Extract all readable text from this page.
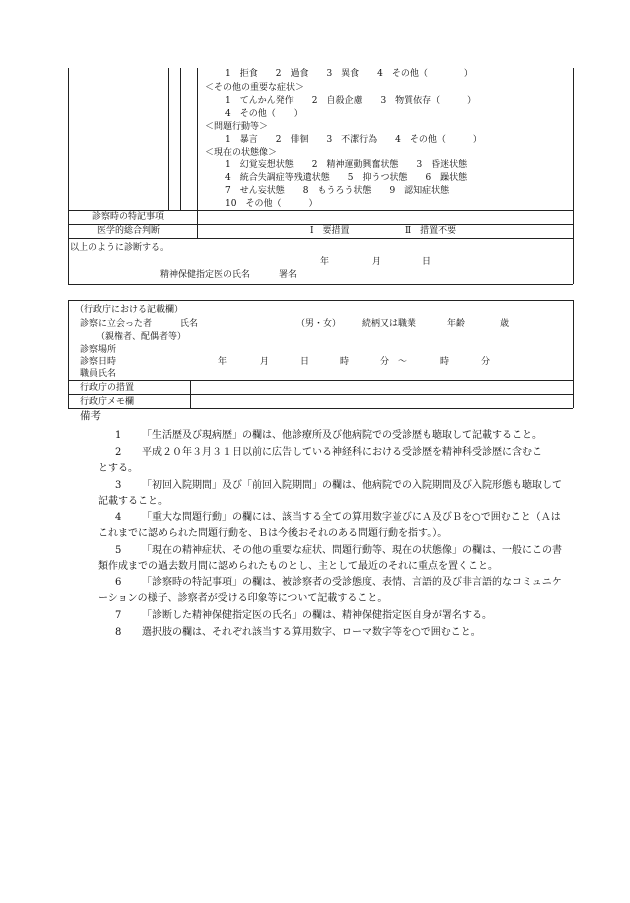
1　拒食　　2　過食　　3　異食　　4　その他（　　　　）
＜その他の重要な症状＞
1　てんかん発作　　2　自殺企慮　　3　物質依存（　　　）
4　その他（　　）
＜問題行動等＞
1　暴言　　2　俳徊　　3　不潔行為　　4　その他（　　　）
＜現在の状態像＞
1　幻覚妄想状態　　2　精神運動興奮状態　　3　昏迷状態
4　統合失調症等残遺状態　　5　抑うつ状態　　6　躁状態
7　せん妄状態　　8　もうろう状態　　9　認知症状態
10　その他（　　　）
診察時の特記事項
医学的総合判断	Ⅰ　要措置	Ⅱ　措置不要
以上のように診断する。
年	月	日
精神保健指定医の氏名	署名
（行政庁における記載欄）
診察に立会った者	氏名	（男・女） 続柄又は職業	年齢	歳
（親権者、配偶者等）
診察場所
診察日時	年	月	日	時	分 ～	時	分
職員氏名
行政庁の措置
行政庁メモ欄
備考
1 「生活歴及び現病歴」の欄は、他診療所及び他病院での受診歴も聴取して記載すること。
2 平成２０年３月３１日以前に広告している神経科における受診歴を精神科受診歴に含むこ
とする。
3 「初回入院期間」及び「前回入院期間」の欄は、他病院での入院期間及び入院形態も聴取して
記載すること。
4 「重大な問題行動」の欄には、該当する全ての算用数字並びにＡ及びＢを○で囲むこと（Ａは
これまでに認められた問題行動を、Ｂは今後おそれのある問題行動を指す。）。
5 「現在の精神症状、その他の重要な症状、問題行動等、現在の状態像」の欄は、一般にこの書
類作成までの過去数月間に認められたものとし、主として最近のそれに重点を置くこと。
6 「診察時の特記事項」の欄は、被診察者の受診態度、表情、言語的及び非言語的なコミュニケ
ーションの様子、診察者が受ける印象等について記載すること。
7 「診断した精神保健指定医の氏名」の欄は、精神保健指定医自身が署名する。
8 選択肢の欄は、それぞれ該当する算用数字、ローマ数字等を○で囲むこと。
